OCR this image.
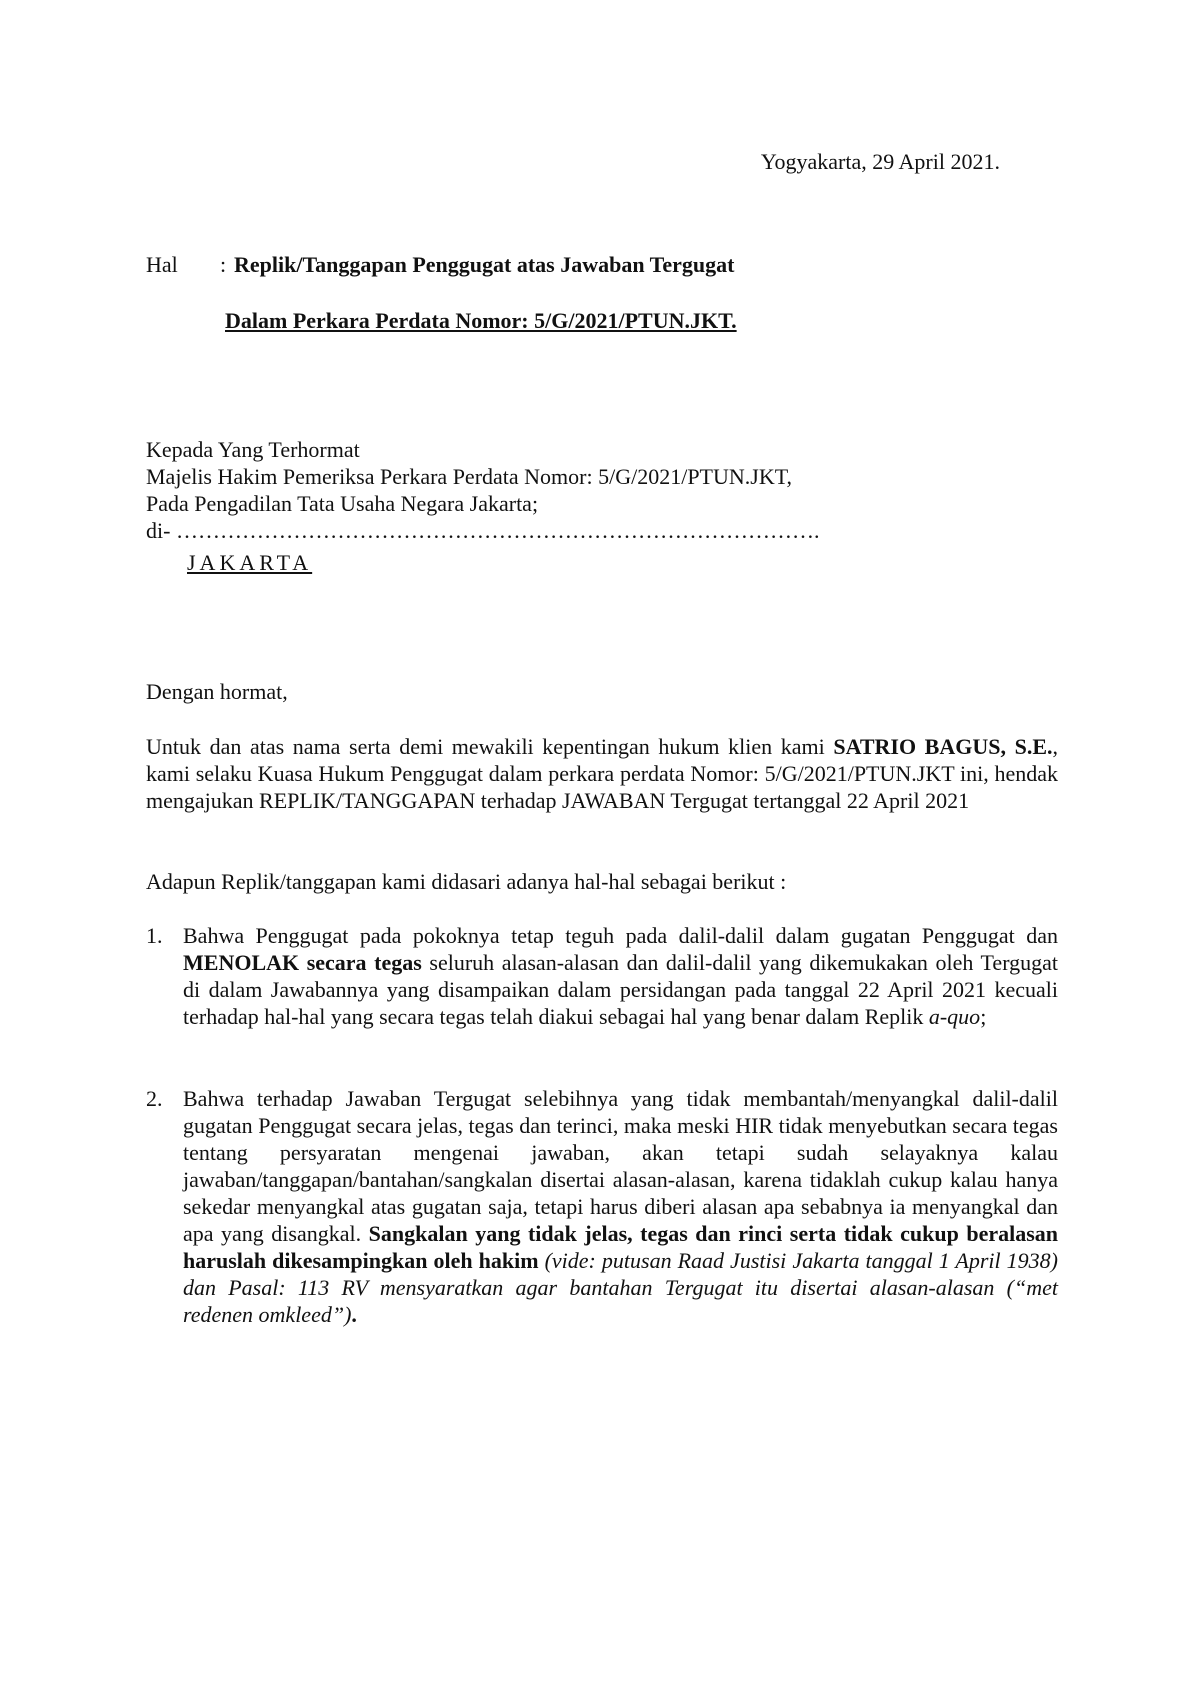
Yogyakarta, 29 April 2021.
Hal : Replik/Tanggapan Penggugat atas Jawaban Tergugat
Dalam Perkara Perdata Nomor: 5/G/2021/PTUN.JKT.
Kepada Yang Terhormat
Majelis Hakim Pemeriksa Perkara Perdata Nomor: 5/G/2021/PTUN.JKT,
Pada Pengadilan Tata Usaha Negara Jakarta;
di- …………………………………………………………………………….
JAKARTA
Dengan hormat,
Untuk dan atas nama serta demi mewakili kepentingan hukum klien kami SATRIO BAGUS, S.E., kami selaku Kuasa Hukum Penggugat dalam perkara perdata Nomor: 5/G/2021/PTUN.JKT ini, hendak mengajukan REPLIK/TANGGAPAN terhadap JAWABAN Tergugat tertanggal 22 April 2021
Adapun Replik/tanggapan kami didasari adanya hal-hal sebagai berikut :
1. Bahwa Penggugat pada pokoknya tetap teguh pada dalil-dalil dalam gugatan Penggugat dan MENOLAK secara tegas seluruh alasan-alasan dan dalil-dalil yang dikemukakan oleh Tergugat di dalam Jawabannya yang disampaikan dalam persidangan pada tanggal 22 April 2021 kecuali terhadap hal-hal yang secara tegas telah diakui sebagai hal yang benar dalam Replik a-quo;
2. Bahwa terhadap Jawaban Tergugat selebihnya yang tidak membantah/menyangkal dalil-dalil gugatan Penggugat secara jelas, tegas dan terinci, maka meski HIR tidak menyebutkan secara tegas tentang persyaratan mengenai jawaban, akan tetapi sudah selayaknya kalau jawaban/tanggapan/bantahan/sangkalan disertai alasan-alasan, karena tidaklah cukup kalau hanya sekedar menyangkal atas gugatan saja, tetapi harus diberi alasan apa sebabnya ia menyangkal dan apa yang disangkal. Sangkalan yang tidak jelas, tegas dan rinci serta tidak cukup beralasan haruslah dikesampingkan oleh hakim (vide: putusan Raad Justisi Jakarta tanggal 1 April 1938) dan Pasal: 113 RV mensyaratkan agar bantahan Tergugat itu disertai alasan-alasan (“met redenen omkleed”).
